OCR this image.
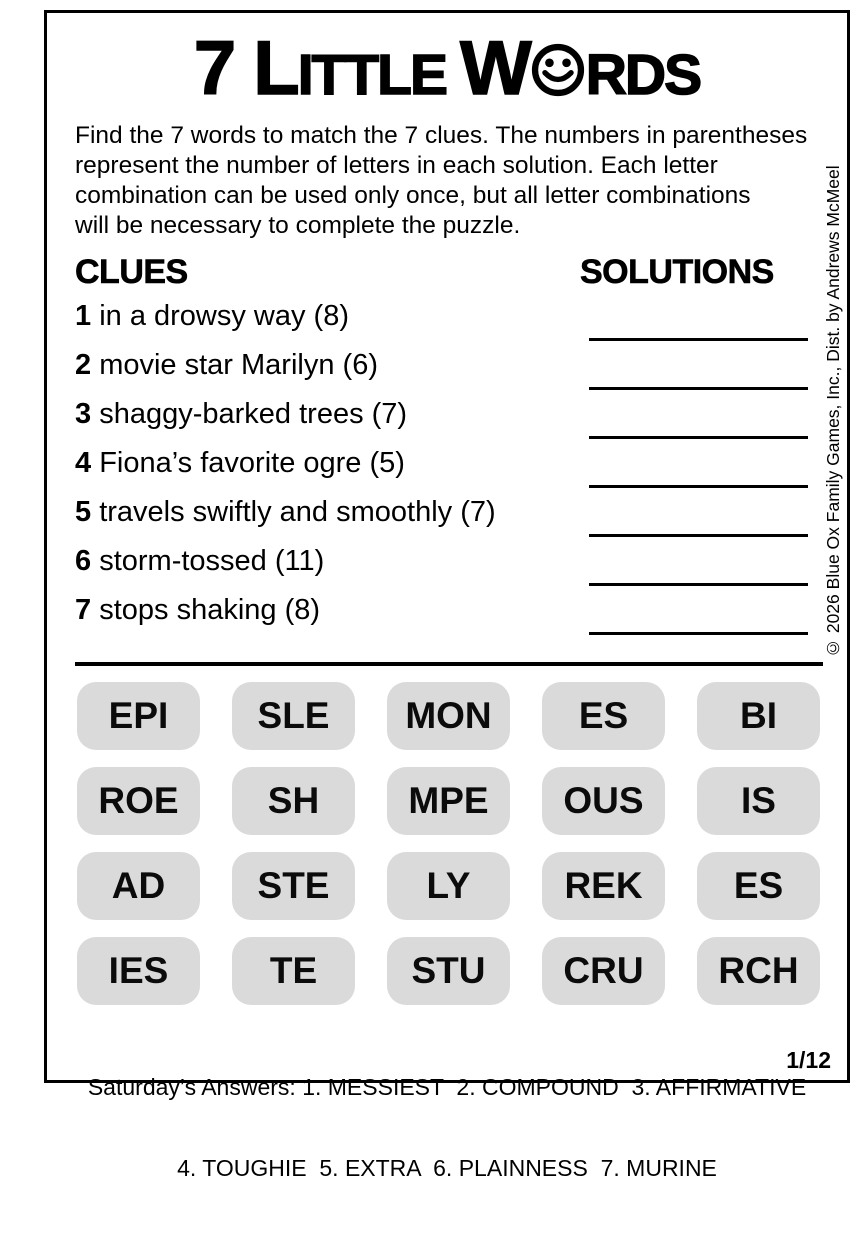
7 LITTLE W RDS
Find the 7 words to match the 7 clues. The numbers in parentheses
represent the number of letters in each solution. Each letter
combination can be used only once, but all letter combinations
will be necessary to complete the puzzle.
CLUES	SOLUTIONS
1 in a drowsy way (8)
2 movie star Marilyn (6)
3 shaggy-barked trees (7)
4 Fiona’s favorite ogre (5)
5 travels swiftly and smoothly (7)
6 storm-tossed (11)
7 stops shaking (8)
EPI	SLE	MON	ES	BI
ROE	SH	MPE	OUS	IS
AD	STE	LY	REK	ES
IES	TE	STU	CRU	RCH

Saturday’s Answers: 1. MESSIEST  2. COMPOUND  3. AFFIRMATIVE

4. TOUGHIE  5. EXTRA  6. PLAINNESS  7. MURINE

1/12
© 2026 Blue Ox Family Games, Inc., Dist. by Andrews McMeel
